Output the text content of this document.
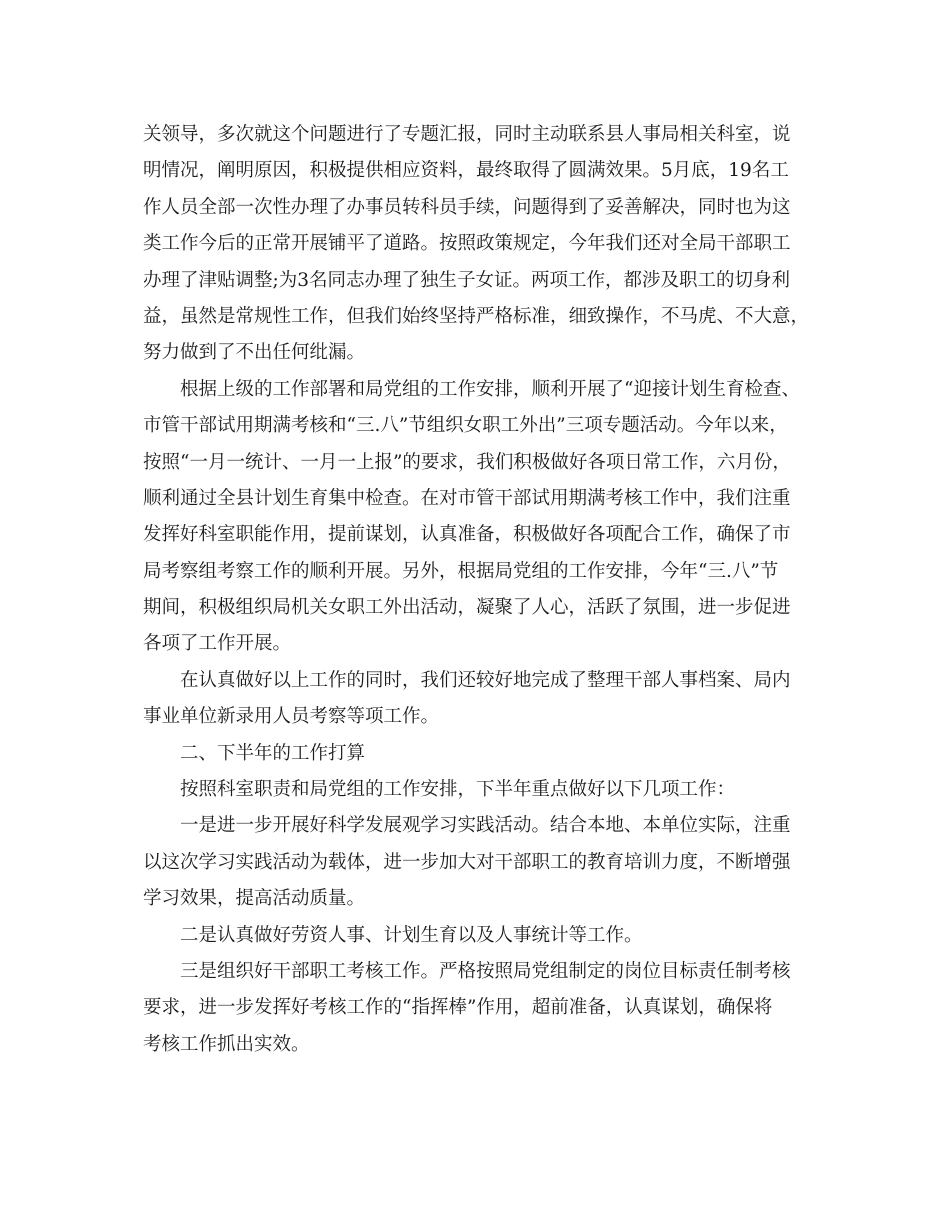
关领导，多次就这个问题进行了专题汇报，同时主动联系县人事局相关科室，说
明情况，阐明原因，积极提供相应资料，最终取得了圆满效果。5月底，19名工
作人员全部一次性办理了办事员转科员手续，问题得到了妥善解决，同时也为这
类工作今后的正常开展铺平了道路。按照政策规定，今年我们还对全局干部职工
办理了津贴调整;为3名同志办理了独生子女证。两项工作，都涉及职工的切身利
益，虽然是常规性工作，但我们始终坚持严格标准，细致操作，不马虎、不大意，
努力做到了不出任何纰漏。
根据上级的工作部署和局党组的工作安排，顺利开展了“迎接计划生育检查、
市管干部试用期满考核和“三.八”节组织女职工外出”三项专题活动。今年以来，
按照“一月一统计、一月一上报”的要求，我们积极做好各项日常工作，六月份，
顺利通过全县计划生育集中检查。在对市管干部试用期满考核工作中，我们注重
发挥好科室职能作用，提前谋划，认真准备，积极做好各项配合工作，确保了市
局考察组考察工作的顺利开展。另外，根据局党组的工作安排，今年“三.八”节
期间，积极组织局机关女职工外出活动，凝聚了人心，活跃了氛围，进一步促进
各项了工作开展。
在认真做好以上工作的同时，我们还较好地完成了整理干部人事档案、局内
事业单位新录用人员考察等项工作。
二、下半年的工作打算
按照科室职责和局党组的工作安排，下半年重点做好以下几项工作：
一是进一步开展好科学发展观学习实践活动。结合本地、本单位实际，注重
以这次学习实践活动为载体，进一步加大对干部职工的教育培训力度，不断增强
学习效果，提高活动质量。
二是认真做好劳资人事、计划生育以及人事统计等工作。
三是组织好干部职工考核工作。严格按照局党组制定的岗位目标责任制考核
要求，进一步发挥好考核工作的“指挥棒”作用，超前准备，认真谋划，确保将
考核工作抓出实效。
